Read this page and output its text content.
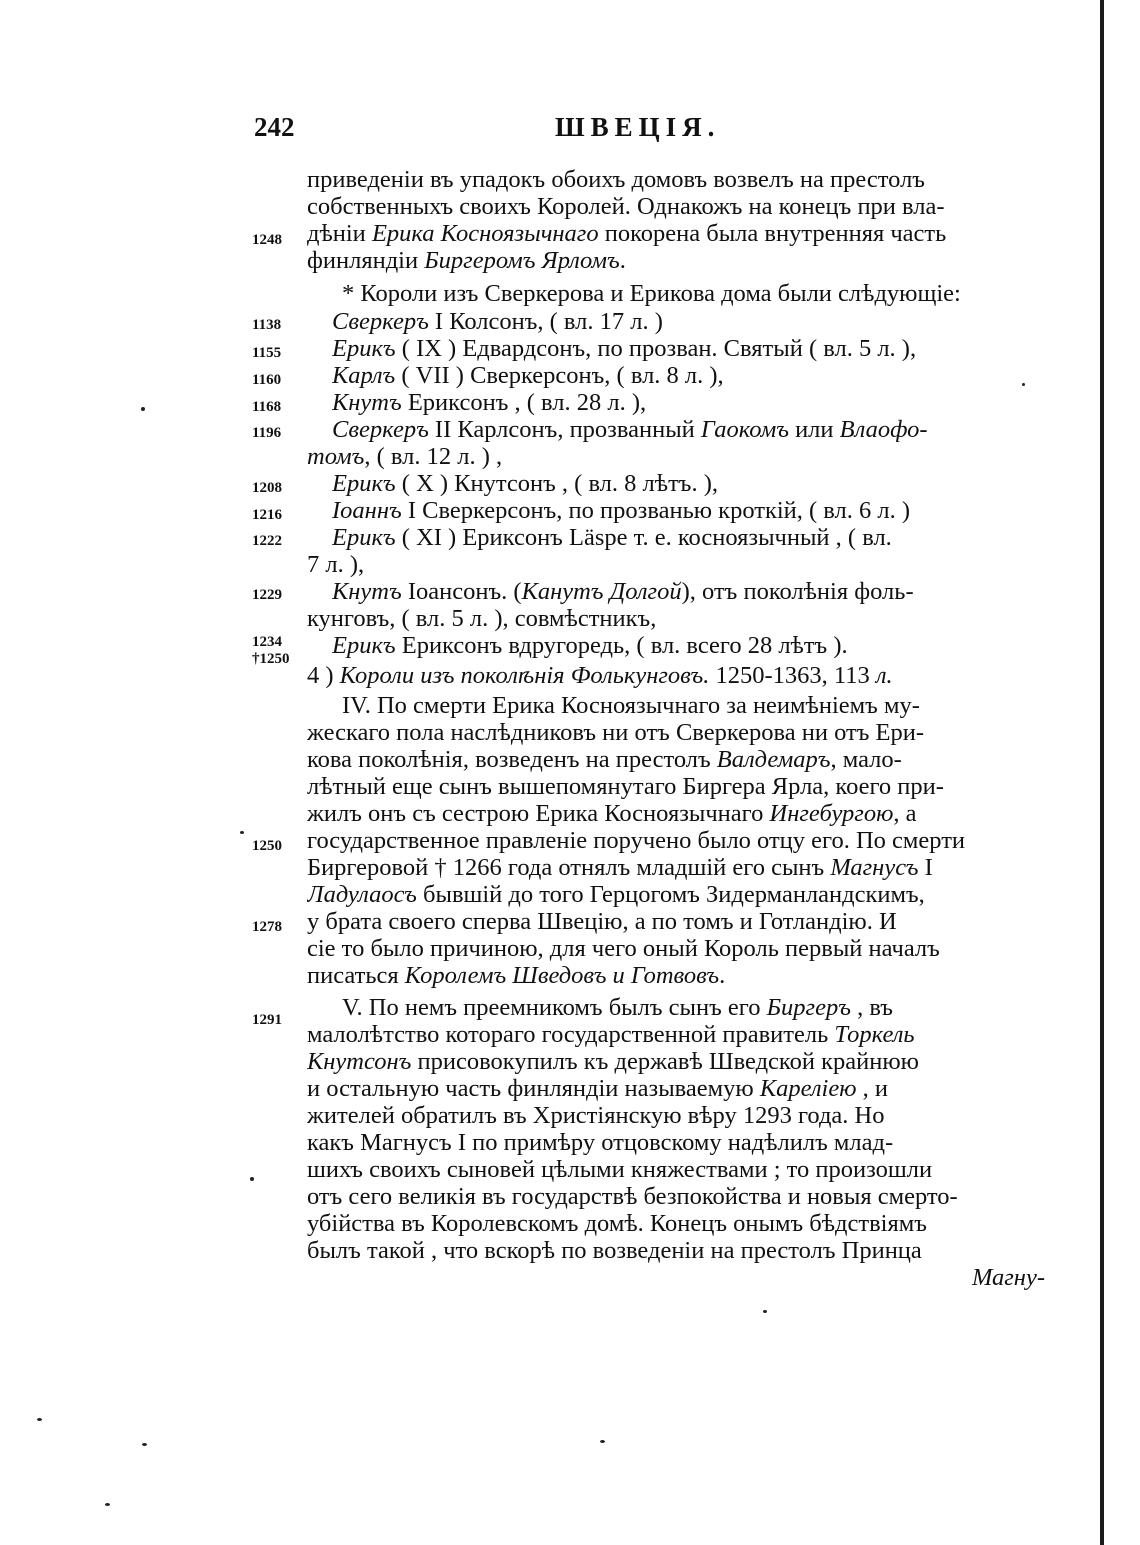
242	ШВЕЦІЯ.
приведеніи въ упадокъ обоихъ домовъ возвелъ на престолъ
собственныхъ своихъ Королей. Однакожъ на конецъ при вла-
дѣніи Ерика Косноязычнаго покорена была внутренняя часть
финляндіи Биргеромъ Ярломъ.
* Короли изъ Сверкерова и Ерикова дома были слѣдующіе:
Сверкеръ I Колсонъ, ( вл. 17 л. )
Ерикъ ( IX ) Едвардсонъ, по прозван. Святый ( вл. 5 л. ),
Карлъ ( VII ) Сверкерсонъ, ( вл. 8 л. ),
Кнутъ Ериксонъ , ( вл. 28 л. ),
Сверкеръ II Карлсонъ, прозванный Гаокомъ или Влаофо-
томъ, ( вл. 12 л. ) ,
Ерикъ ( X ) Кнутсонъ , ( вл. 8 лѣтъ. ),
Іоаннъ I Сверкерсонъ, по прозванью кроткій, ( вл. 6 л. )
Ерикъ ( XI ) Ериксонъ Läspe т. е. косноязычный , ( вл.
7 л. ),
Кнутъ Іоансонъ. (Канутъ Долгой), отъ поколѣнія фоль-
кунговъ, ( вл. 5 л. ), совмѣстникъ,
Ерикъ Ериксонъ вдругоредь, ( вл. всего 28 лѣтъ ).
4 ) Короли изъ поколѣнія Фолькунговъ. 1250-1363, 113 л.
IV. По смерти Ерика Косноязычнаго за неимѣніемъ му-
жескаго пола наслѣдниковъ ни отъ Сверкерова ни отъ Ери-
кова поколѣнія, возведенъ на престолъ Валдемаръ, мало-
лѣтный еще сынъ вышепомянутаго Биргера Ярла, коего при-
жилъ онъ съ сестрою Ерика Косноязычнаго Ингебургою, а
государственное правленіе поручено было отцу его. По смерти
Биргеровой † 1266 года отнялъ младшій его сынъ Магнусъ I
Ладулаосъ бывшій до того Герцогомъ Зидерманландскимъ,
у брата своего сперва Швецію, а по томъ и Готландію. И
сіе то было причиною, для чего оный Король первый началъ
писаться Королемъ Шведовъ и Готвовъ.
V. По немъ преемникомъ былъ сынъ его Биргеръ , въ
малолѣтство котораго государственной правитель Торкель
Кнутсонъ присовокупилъ къ державѣ Шведской крайнюю
и остальную часть финляндіи называемую Кареліею , и
жителей обратилъ въ Христіянскую вѣру 1293 года. Но
какъ Магнусъ I по примѣру отцовскому надѣлилъ млад-
шихъ своихъ сыновей цѣлыми княжествами ; то произошли
отъ сего великія въ государствѣ безпокойства и новыя смерто-
убійства въ Королевскомъ домѣ. Конецъ онымъ бѣдствіямъ
былъ такой , что вскорѣ по возведеніи на престолъ Принца
Магну-
1248
1138
1155
1160
1168
1196
1208
1216
1222
1229
1234
†1250
1250
1278
1291
